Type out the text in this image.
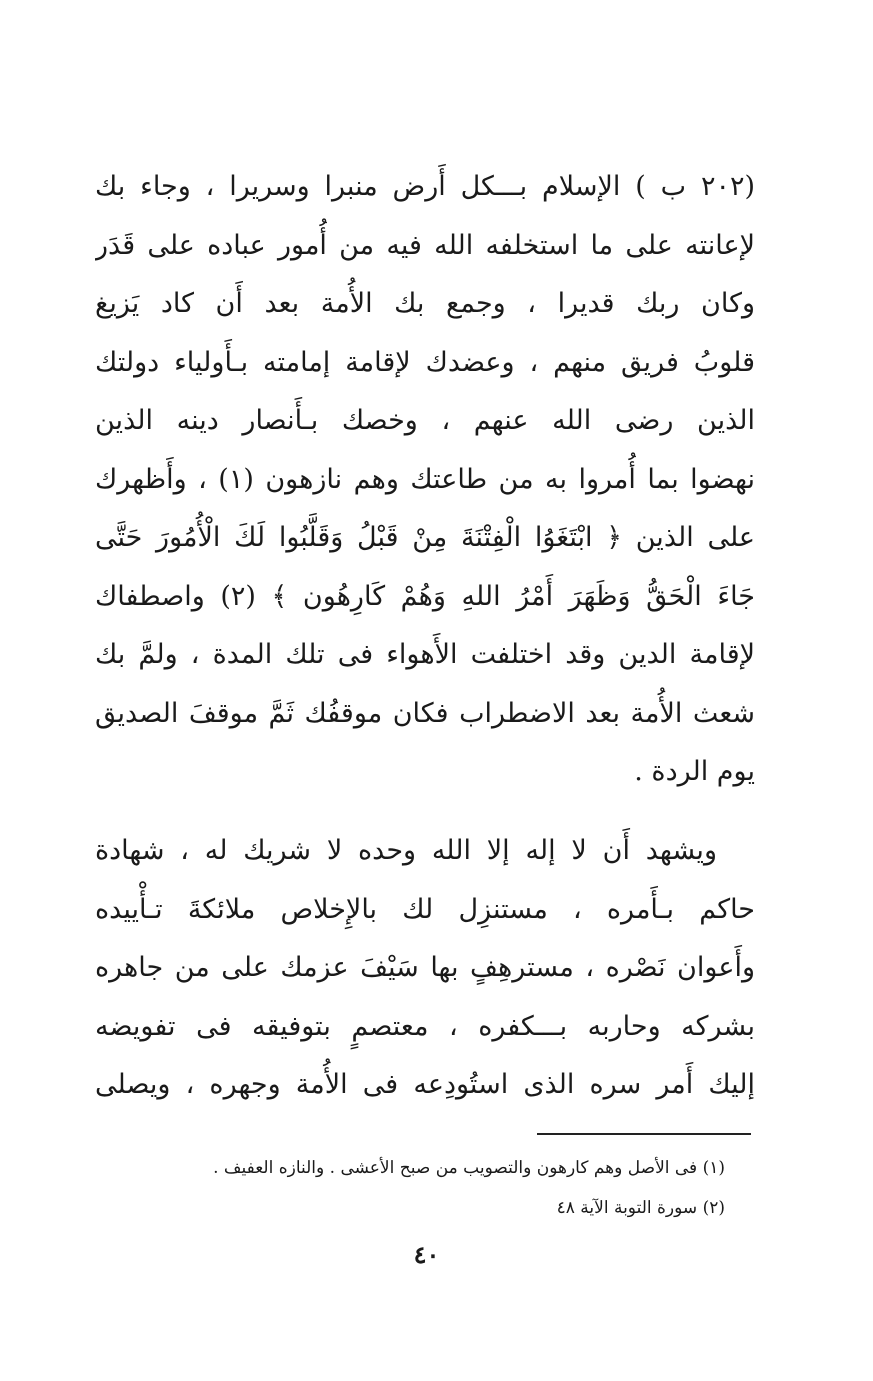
(٢٠٢ ب ) الإسلام بـــكل أَرض منبرا وسريرا ، وجاء بك
لإعانته على ما استخلفه الله فيه من أُمور عباده على قَدَر
وكان ربك قديرا ، وجمع بك الأُمة بعد أَن كاد يَزيغ
قلوبُ فريق منهم ، وعضدك لإقامة إمامته بـأَولياء دولتك
الذين رضى الله عنهم ، وخصك بـأَنصار دينه الذين
نهضوا بما أُمروا به من طاعتك وهم نازهون (١) ، وأَظهرك
على الذين ﴿ ابْتَغَوُا الْفِتْنَةَ مِنْ قَبْلُ وَقَلَّبُوا لَكَ الْأُمُورَ حَتَّى
جَاءَ الْحَقُّ وَظَهَرَ أَمْرُ اللهِ وَهُمْ كَارِهُون ﴾ (٢) واصطفاك
لإقامة الدين وقد اختلفت الأَهواء فى تلك المدة ، ولمَّ بك
شعث الأُمة بعد الاضطراب فكان موقفُك ثَمَّ موقفَ الصديق
يوم الردة .
ويشهد أَن لا إله إلا الله وحده لا شريك له ، شهادة
حاكم بـأَمره ، مستنزِل لك بالإِخلاص ملائكةَ تـأْييده
وأَعوان نَصْره ، مسترهِفٍ بها سَيْفَ عزمك على من جاهره
بشركه وحاربه بـــكفره ، معتصمٍ بتوفيقه فى تفويضه
إليك أَمر سره الذى استُودِعه فى الأُمة وجهره ، ويصلى
(١) فى الأصل وهم كارهون والتصويب من صبح الأعشى . والنازه العفيف .
(٢) سورة التوبة الآية ٤٨
٤٠
